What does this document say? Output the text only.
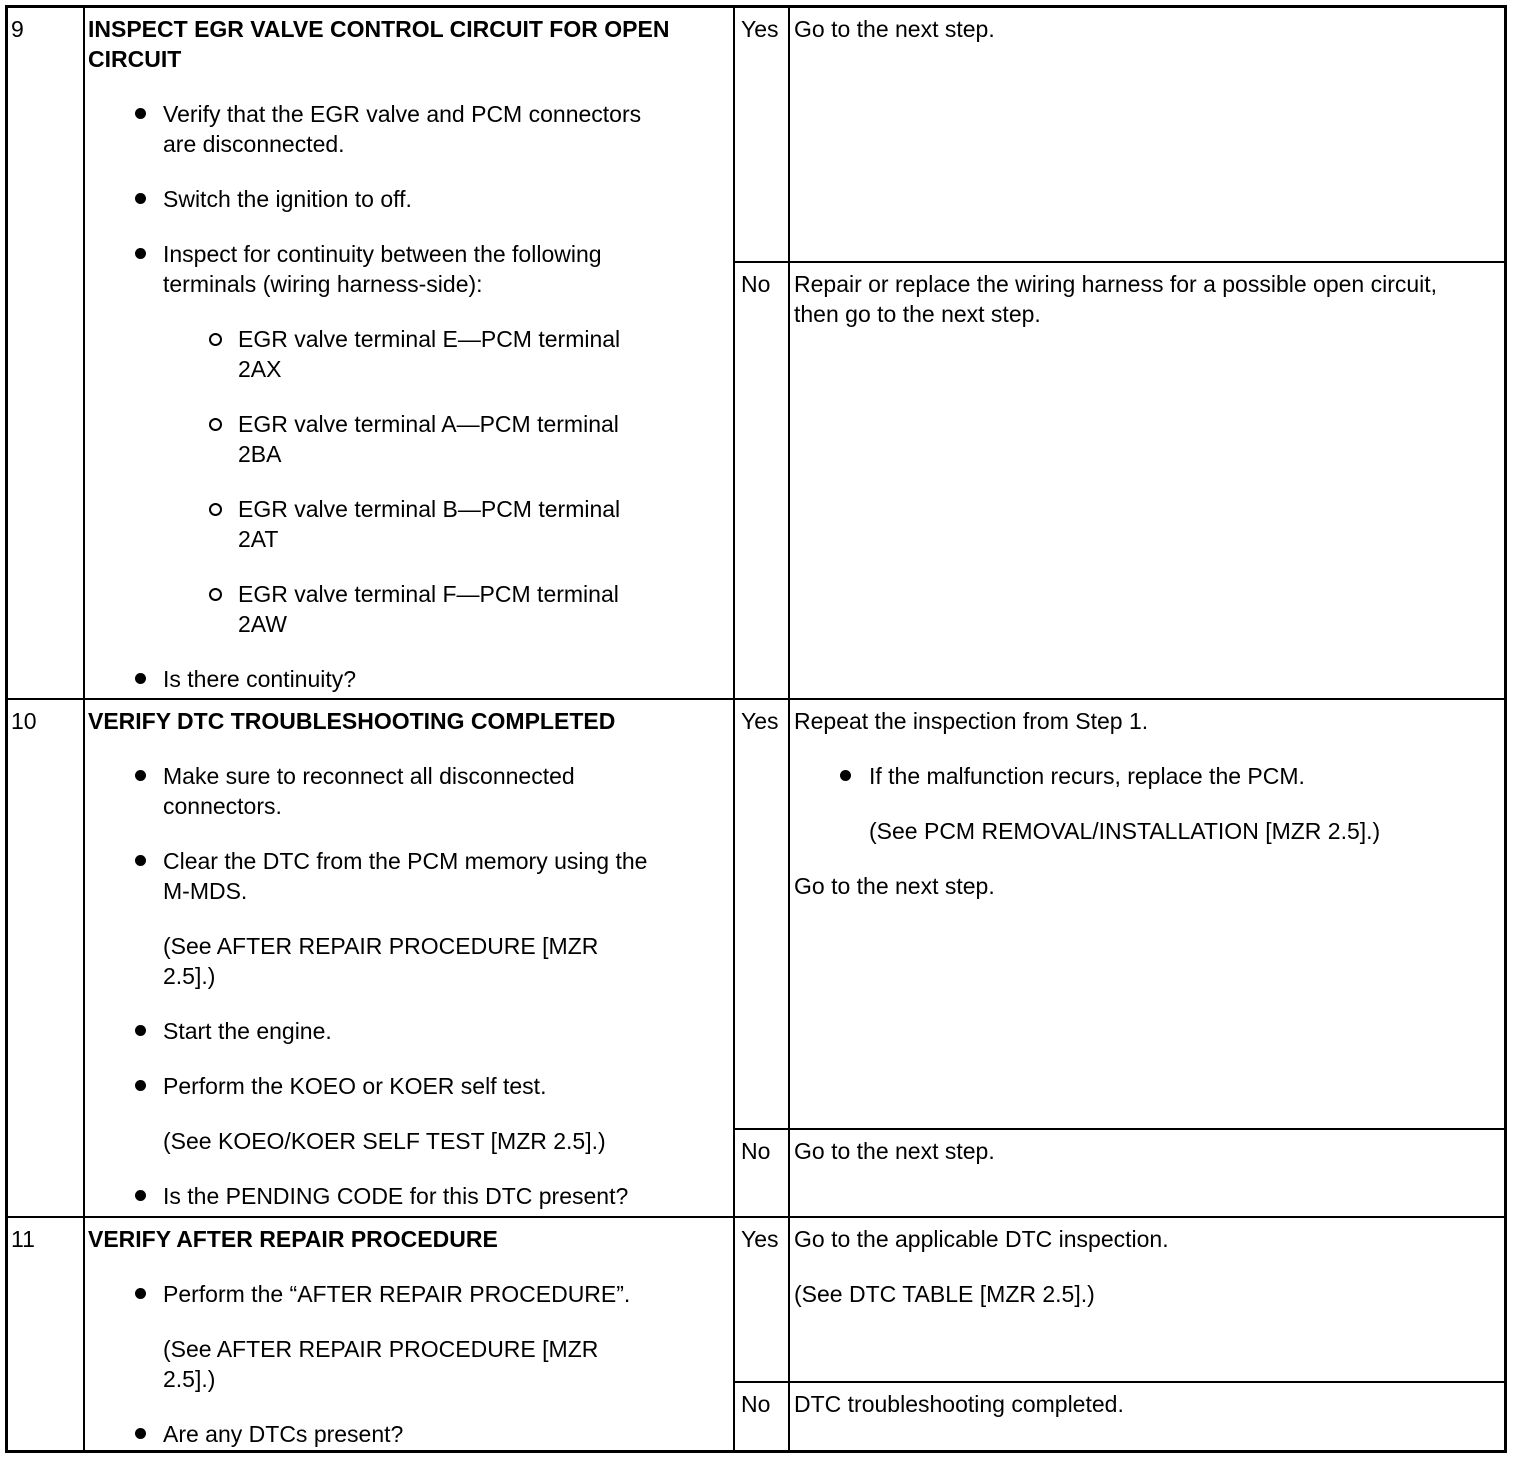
9	INSPECT EGR VALVE CONTROL CIRCUIT FOR OPEN
CIRCUIT
Verify that the EGR valve and PCM connectors
are disconnected.
Switch the ignition to off.
Inspect for continuity between the following
terminals (wiring harness-side):
EGR valve terminal E—PCM terminal
2AX
EGR valve terminal A—PCM terminal
2BA
EGR valve terminal B—PCM terminal
2AT
EGR valve terminal F—PCM terminal
2AW
Is there continuity?
Yes Go to the next step.
No Repair or replace the wiring harness for a possible open circuit,
then go to the next step.
10 VERIFY DTC TROUBLESHOOTING COMPLETED
Make sure to reconnect all disconnected
connectors.
Clear the DTC from the PCM memory using the
M-MDS.
(See AFTER REPAIR PROCEDURE [MZR
2.5].)
Start the engine.
Perform the KOEO or KOER self test.
(See KOEO/KOER SELF TEST [MZR 2.5].)
Is the PENDING CODE for this DTC present?
Yes Repeat the inspection from Step 1.
If the malfunction recurs, replace the PCM.
(See PCM REMOVAL/INSTALLATION [MZR 2.5].)
Go to the next step.
No Go to the next step.
11 VERIFY AFTER REPAIR PROCEDURE
Perform the “AFTER REPAIR PROCEDURE”.
(See AFTER REPAIR PROCEDURE [MZR
2.5].)
Are any DTCs present?
Yes Go to the applicable DTC inspection.
(See DTC TABLE [MZR 2.5].)
No DTC troubleshooting completed.
